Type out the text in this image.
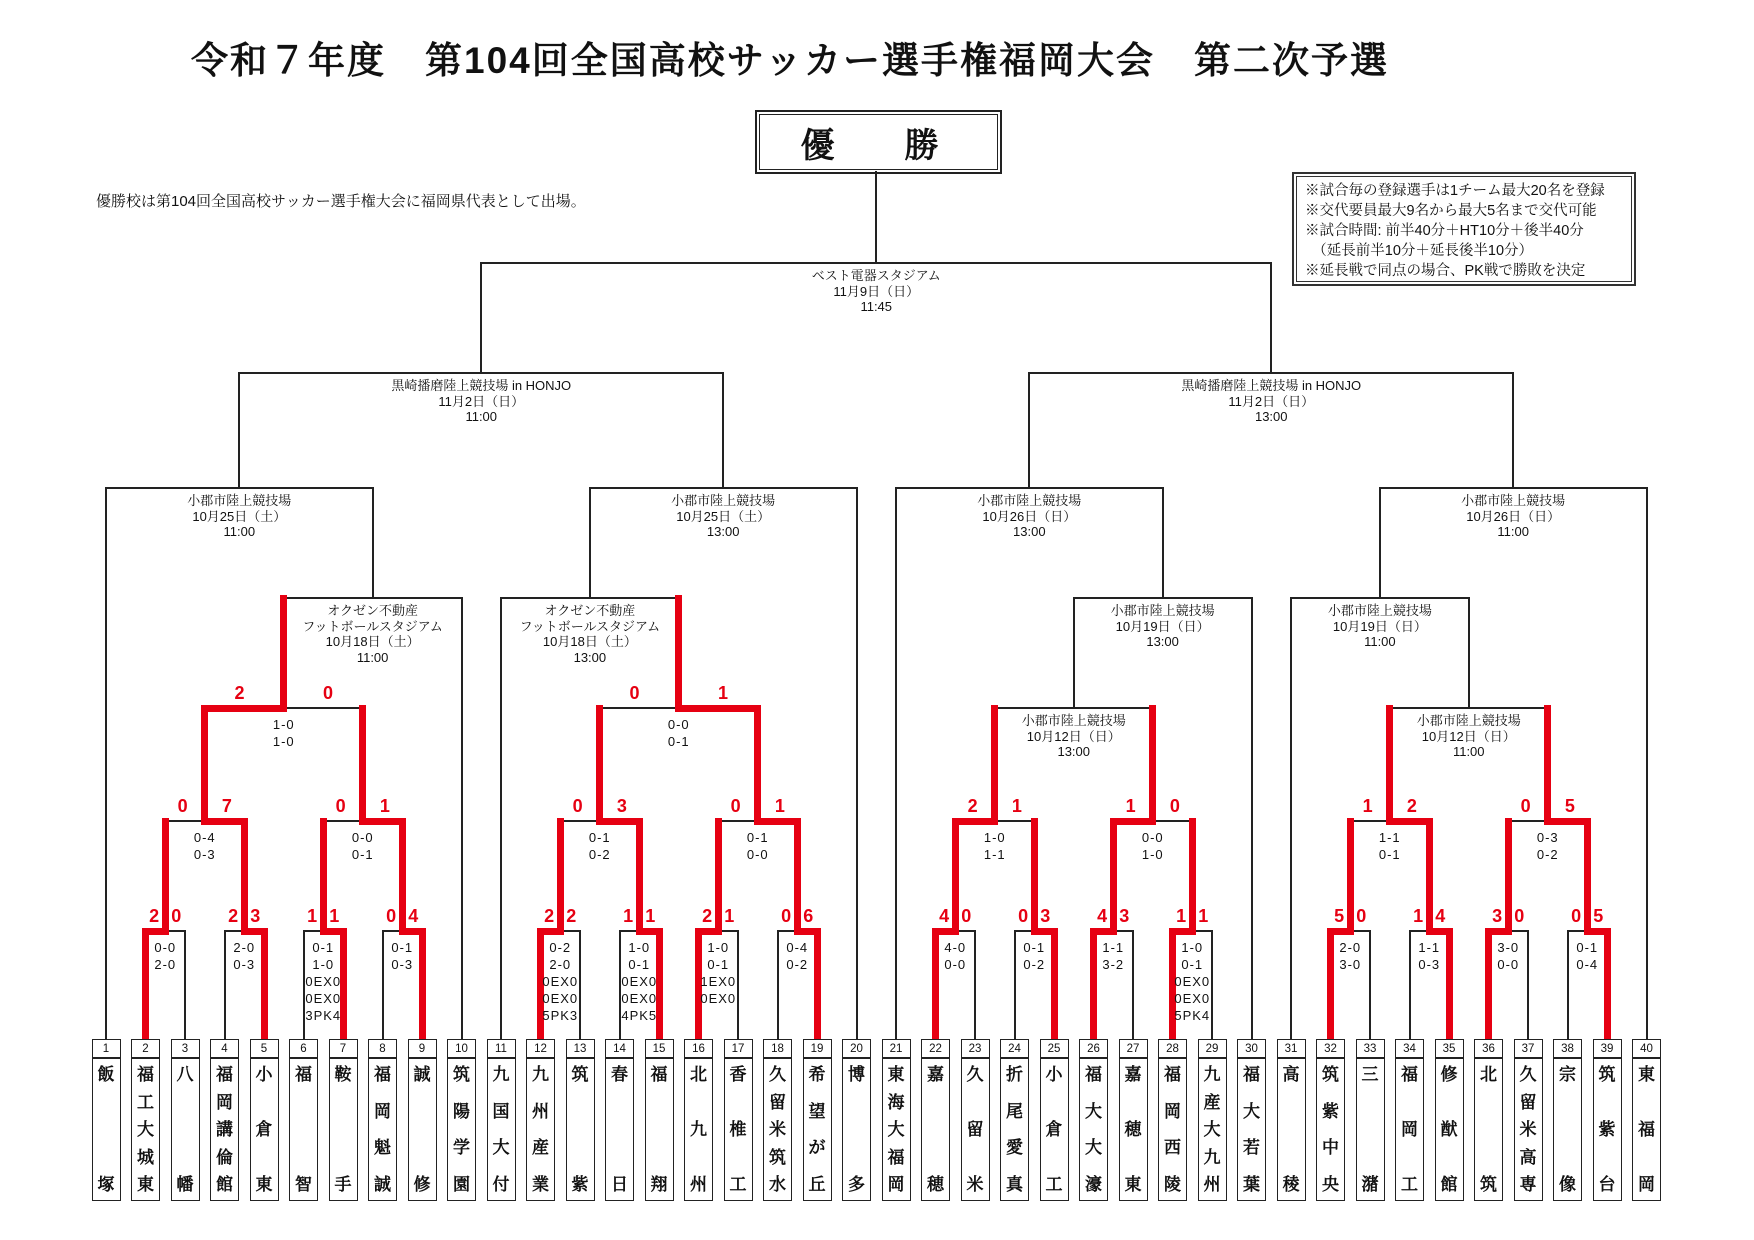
令和７年度　第104回全国高校サッカー選手権福岡大会　第二次予選
優勝校は第104回全国高校サッカー選手権大会に福岡県代表として出場。
優　勝
※試合毎の登録選手は1チーム最大20名を登録
※交代要員最大9名から最大5名まで交代可能
※試合時間: 前半40分＋HT10分＋後半40分
　（延長前半10分＋延長後半10分）
※延長戦で同点の場合、PK戦で勝敗を決定
ベスト電器スタジアム
11月9日（日）
11:45
黒崎播磨陸上競技場 in HONJO
11月2日（日）
11:00
黒崎播磨陸上競技場 in HONJO
11月2日（日）
13:00
小郡市陸上競技場
10月25日（土）
11:00
小郡市陸上競技場
10月25日（土）
13:00
小郡市陸上競技場
10月26日（日）
13:00
小郡市陸上競技場
10月26日（日）
11:00
オクゼン不動産
フットボールスタジアム
10月18日（土）
11:00
オクゼン不動産
フットボールスタジアム
10月18日（土）
13:00
小郡市陸上競技場
10月19日（日）
13:00
小郡市陸上競技場
10月19日（日）
11:00
小郡市陸上競技場
10月12日（日）
13:00
小郡市陸上競技場
10月12日（日）
11:00
2 0
0-0
2-0
2 3
2-0
0-3
1 1
0-1
1-0
0EX0
0EX0
3PK4
0 4
0-1
0-3
2 2
0-2
2-0
0EX0
0EX0
5PK3
1 1
1-0
0-1
0EX0
0EX0
4PK5
2 1
1-0
0-1
1EX0
0EX0
0 6
0-4
0-2
4 0
4-0
0-0
0 3
0-1
0-2
4 3
1-1
3-2
1 1
1-0
0-1
0EX0
0EX0
5PK4
5 0
2-0
3-0
1 4
1-1
0-3
3 0
3-0
0-0
0 5
0-1
0-4
0	7
0-4
0-3
0	1
0-0
0-1
0	3
0-1
0-2
0	1
0-1
0-0
2	1
1-0
1-1
1	0
0-0
1-0
1	2
1-1
0-1
0	5
0-3
0-2
2	0
1-0
1-0
0	1
0-0
0-1
1
飯
塚
2
福
工
大
城
東
3
八
幡
4
福
岡
講
倫
館
5
小
倉
東
6
福
智
7
鞍
手
8
福
岡
魁
誠
9
誠
修
10
筑
陽
学
園
11
九
国
大
付
12
九
州
産
業
13
筑
紫
14
春
日
15
福
翔
16
北
九
州
17
香
椎
工
18
久
留
米
筑
水
19
希
望
が
丘
20
博
多
21
東
海
大
福
岡
22
嘉
穂
23
久
留
米
24
折
尾
愛
真
25
小
倉
工
26
福
大
大
濠
27
嘉
穂
東
28
福
岡
西
陵
29
九
産
大
九
州
30
福
大
若
葉
31
高
稜
32
筑
紫
中
央
33
三
潴
34
福
岡
工
35
修
猷
館
36
北
筑
37
久
留
米
高
専
38
宗
像
39
筑
紫
台
40
東
福
岡
